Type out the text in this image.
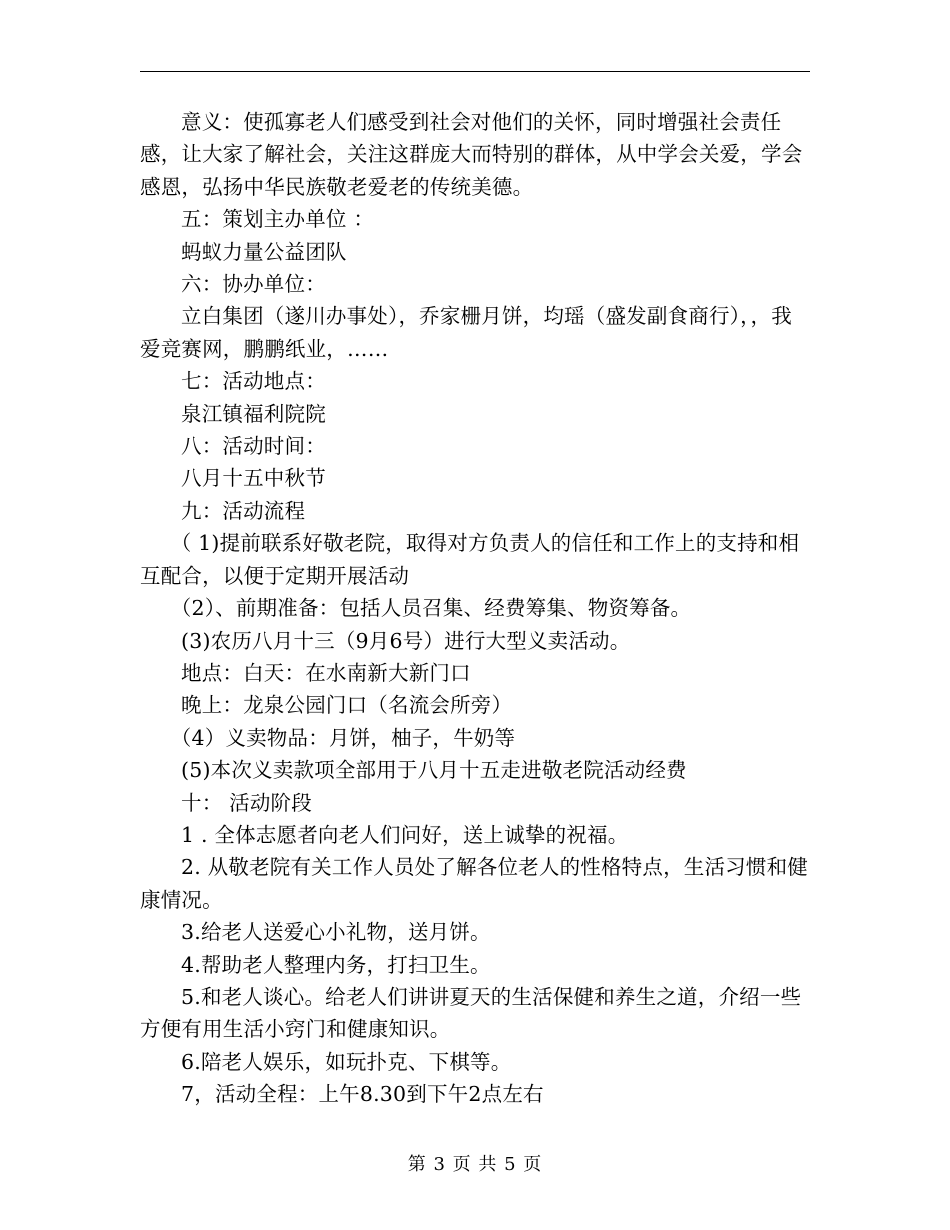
意义：使孤寡老人们感受到社会对他们的关怀，同时增强社会责任感，让大家了解社会，关注这群庞大而特别的群体，从中学会关爱，学会感恩，弘扬中华民族敬老爱老的传统美德。

五：策划主办单位 ：

蚂蚁力量公益团队

六：协办单位：

立白集团（遂川办事处），乔家栅月饼，均瑶（盛发副食商行），，我爱竞赛网，鹏鹏纸业，……

七：活动地点：

泉江镇福利院院

八：活动时间：

八月十五中秋节

九：活动流程

（ 1)提前联系好敬老院，取得对方负责人的信任和工作上的支持和相互配合，以便于定期开展活动

（2）、前期准备：包括人员召集、经费筹集、物资筹备。

(3)农历八月十三（9月6号）进行大型义卖活动。

地点：白天：在水南新大新门口

晚上：龙泉公园门口（名流会所旁）

（4）义卖物品：月饼，柚子，牛奶等

(5)本次义卖款项全部用于八月十五走进敬老院活动经费

十： 活动阶段

1 . 全体志愿者向老人们问好，送上诚挚的祝福。

2. 从敬老院有关工作人员处了解各位老人的性格特点，生活习惯和健康情况。

3.给老人送爱心小礼物，送月饼。

4.帮助老人整理内务，打扫卫生。

5.和老人谈心。给老人们讲讲夏天的生活保健和养生之道，介绍一些方便有用生活小窍门和健康知识。

6.陪老人娱乐，如玩扑克、下棋等。

7，活动全程：上午8.30到下午2点左右

第 3 页 共 5 页
